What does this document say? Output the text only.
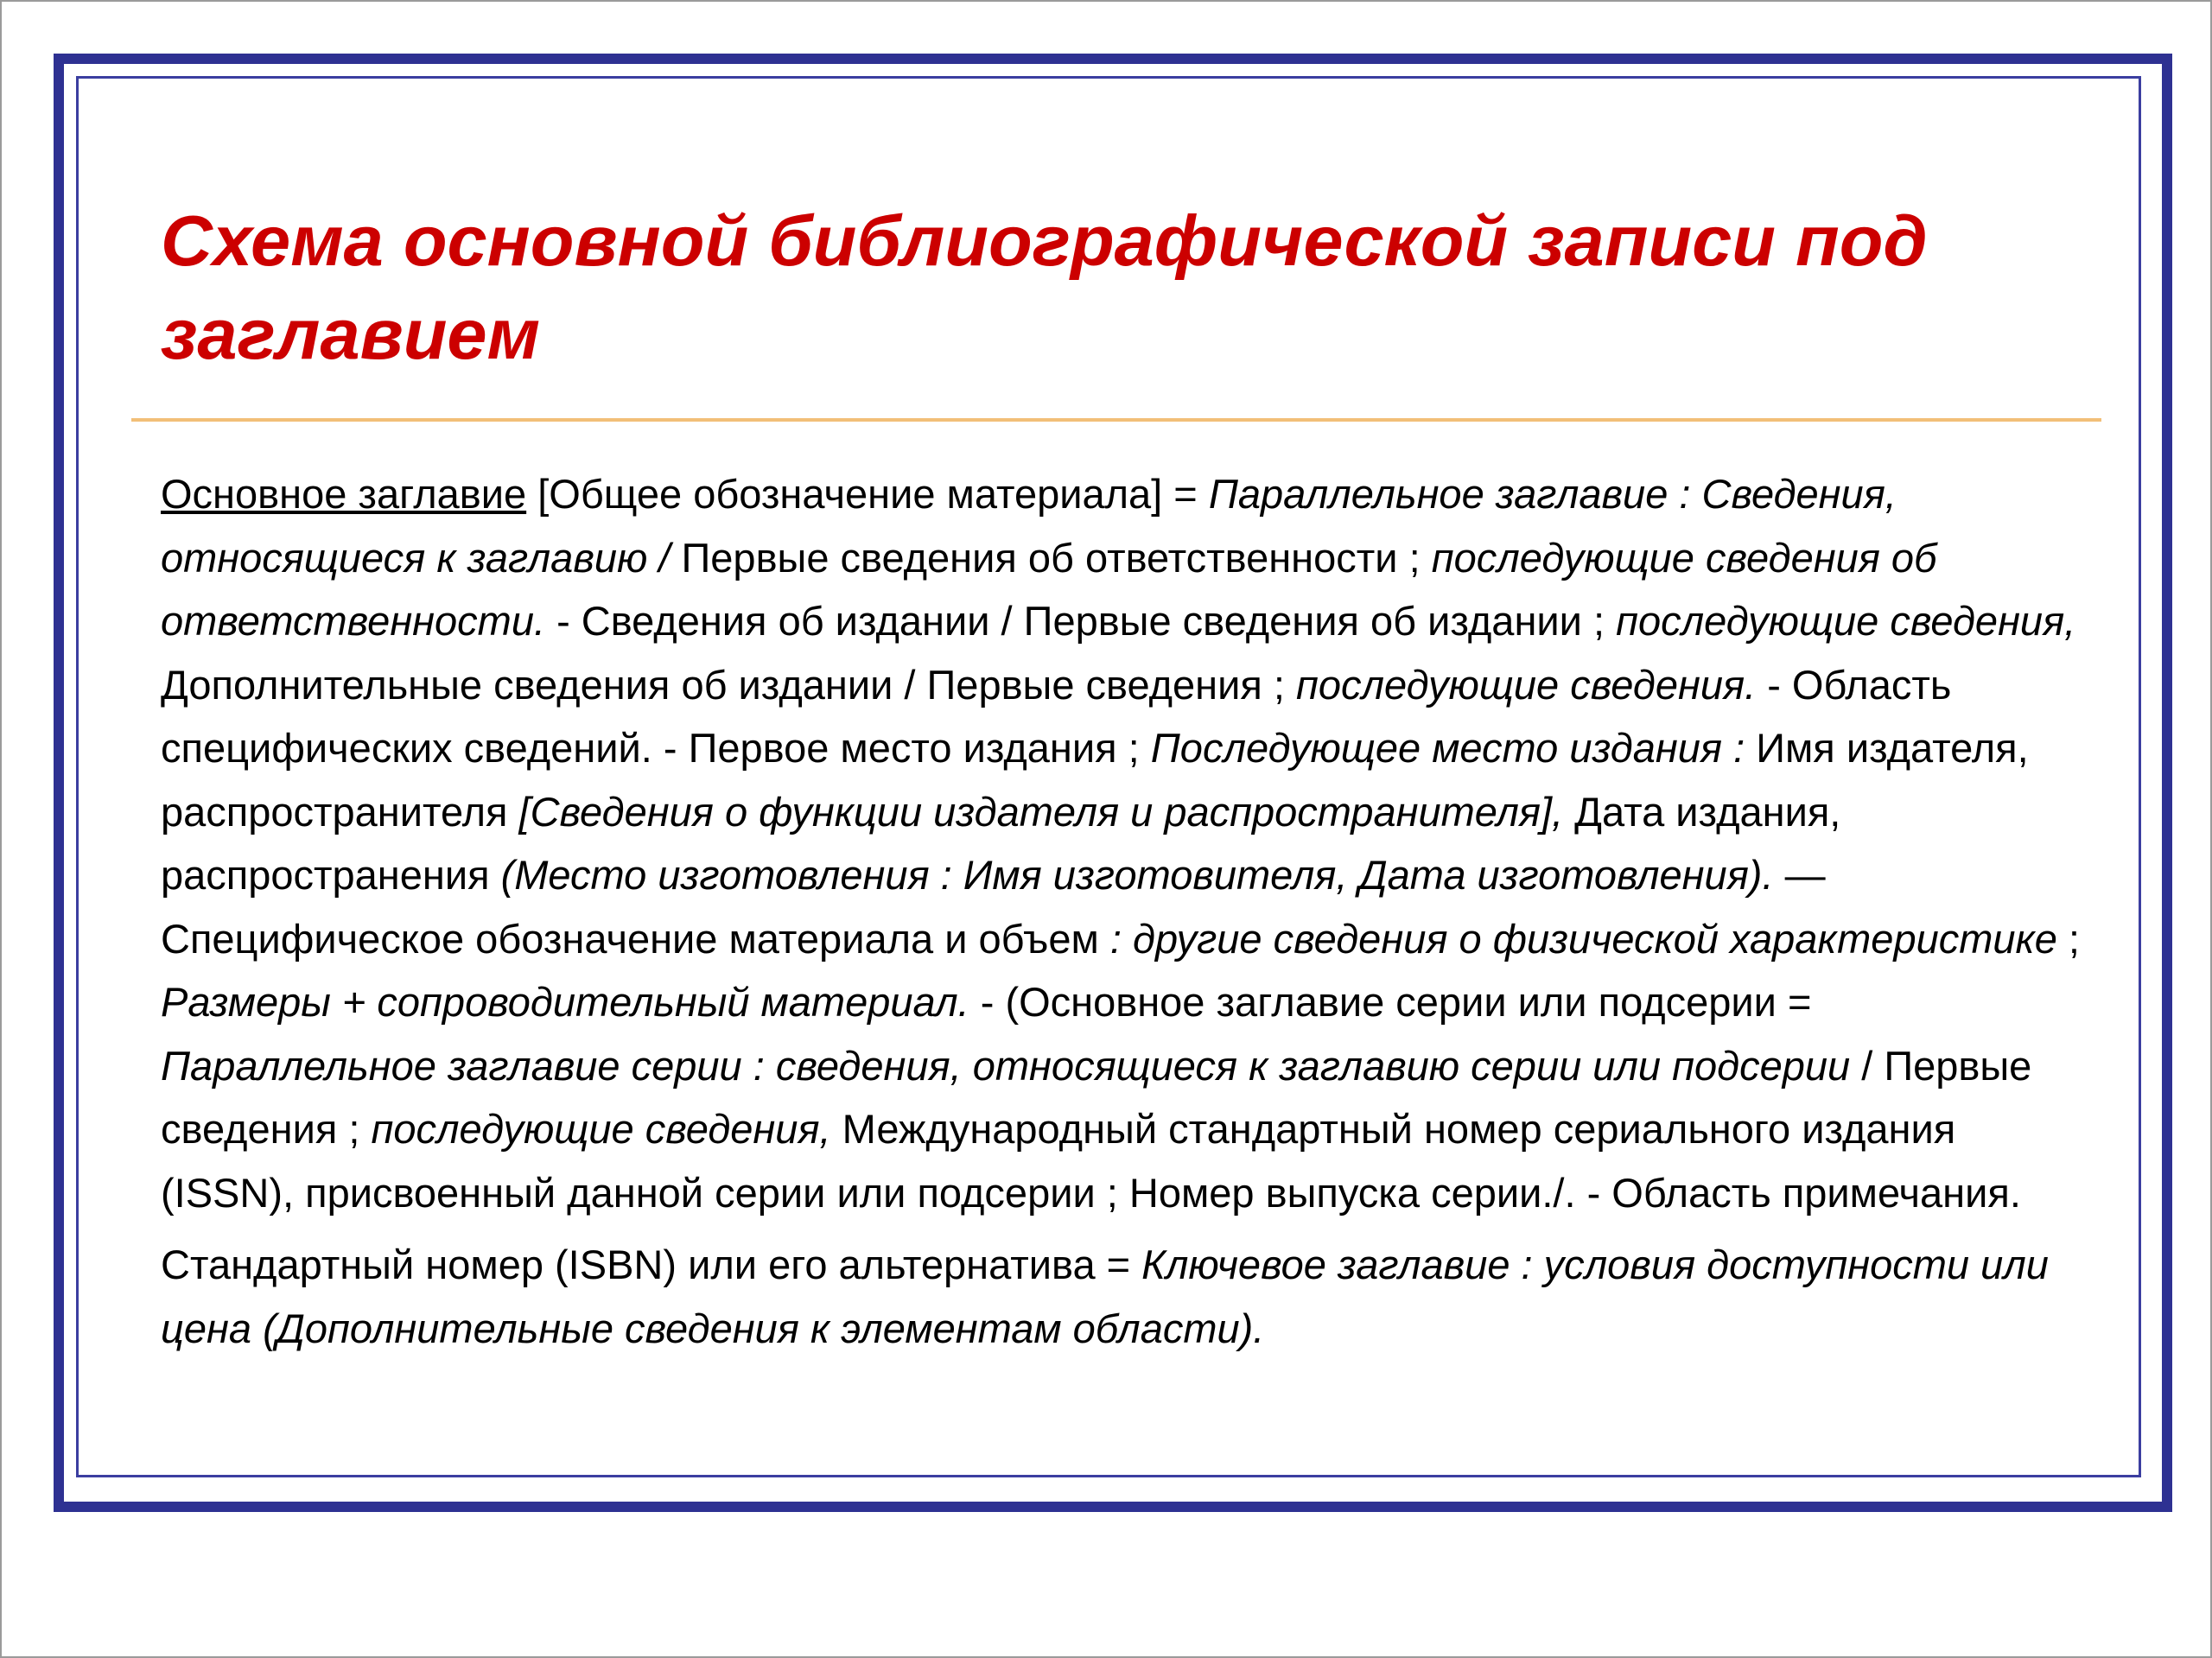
Схема основной библиографической записи под заглавием

Основное заглавие [Общее обозначение материала] = Параллельное заглавие : Сведения, относящиеся к заглавию / Первые сведения об ответственности ; последующие сведения об ответственности. - Сведения об издании / Первые сведения об издании ; последующие сведения, Дополнительные сведения об издании / Первые сведения ; последующие сведения. - Область специфических сведений. - Первое место издания ; Последующее место издания : Имя издателя, распространителя [Сведения о функции издателя и распространителя], Дата издания, распространения (Место изготовления : Имя изготовителя, Дата изготовления). — Специфическое обозначение материала и объем : другие сведения о физической характеристике ; Размеры + сопроводительный материал. - (Основное заглавие серии или подсерии = Параллельное заглавие серии : сведения, относящиеся к заглавию серии или подсерии / Первые сведения ; последующие сведения, Международный стандартный номер сериального издания (ISSN), присвоенный данной серии или подсерии ; Номер выпуска серии./. - Область примечания.

Стандартный номер (ISBN) или его альтернатива = Ключевое заглавие : условия доступности или цена (Дополнительные сведения к элементам области).
